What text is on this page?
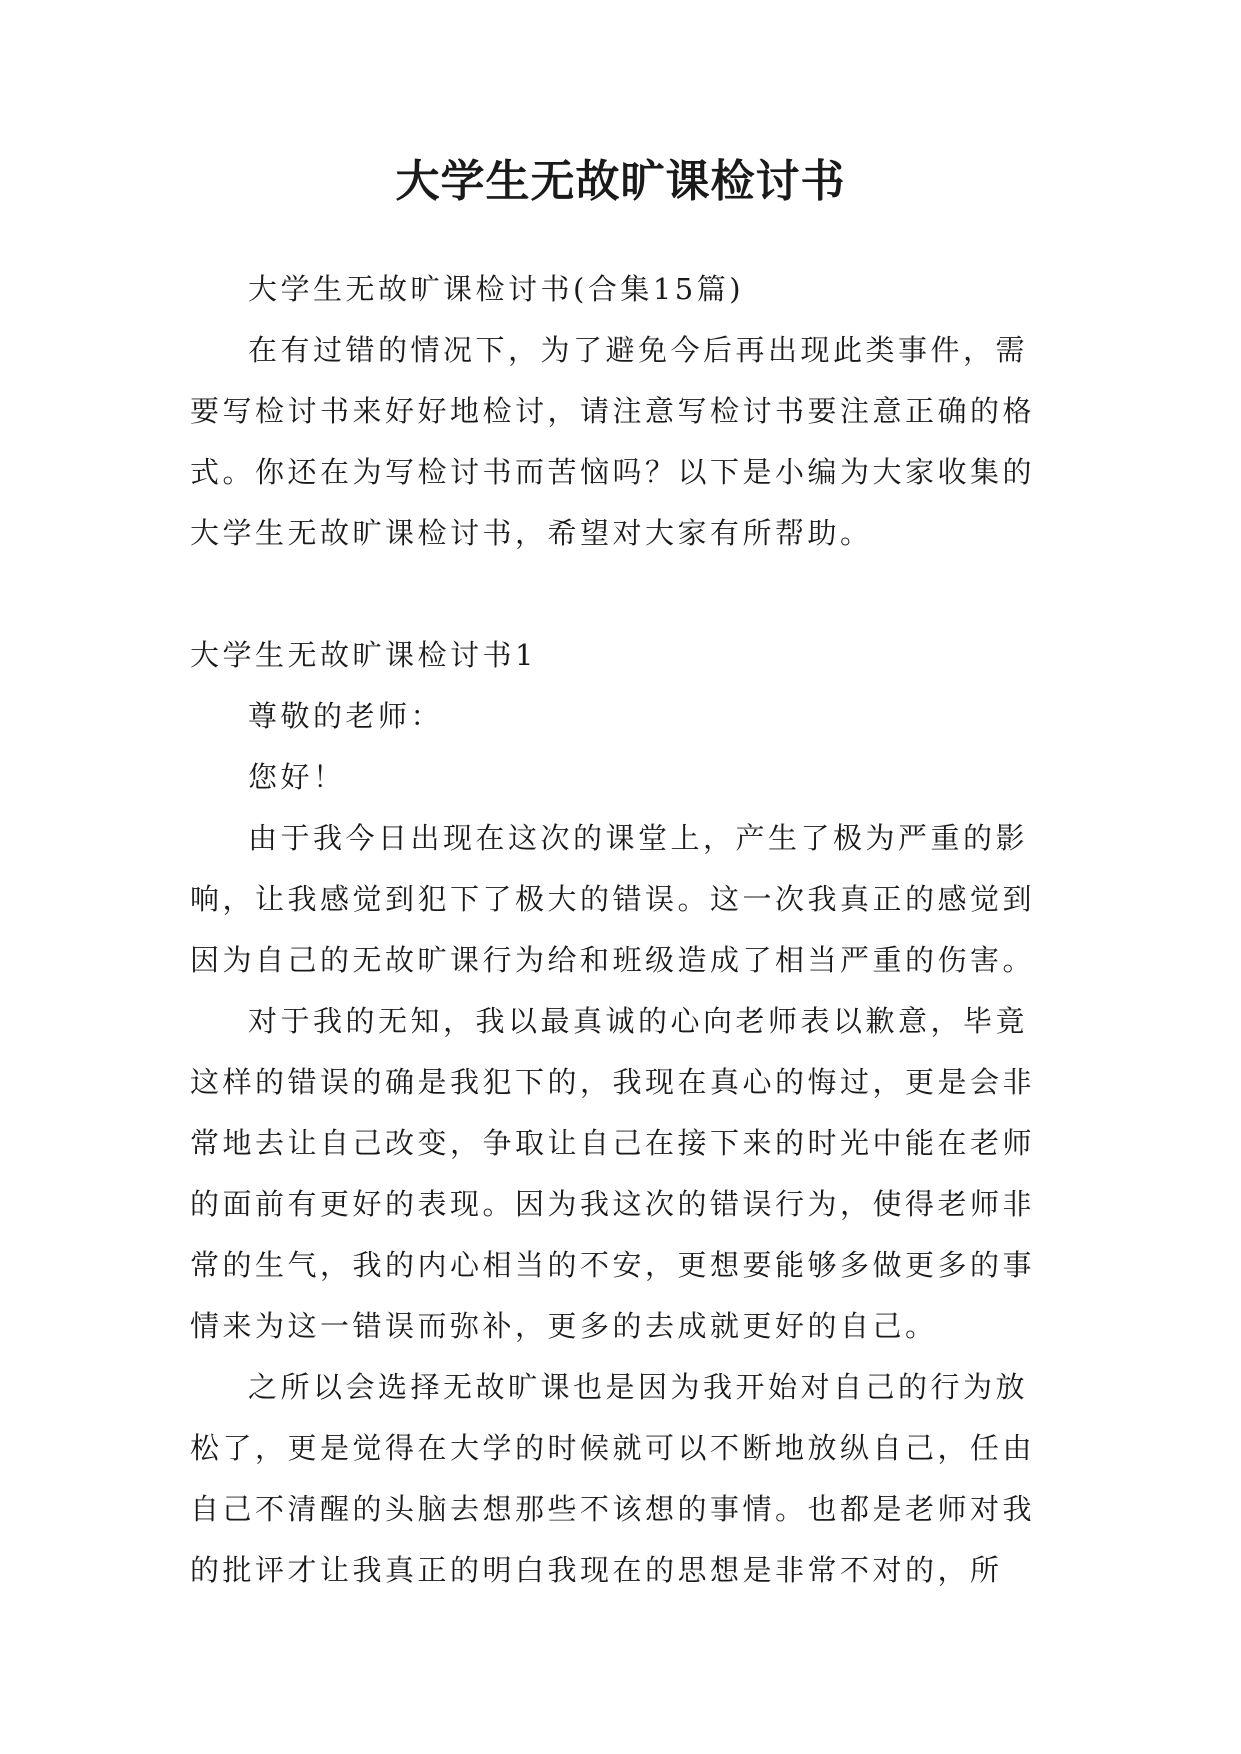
大学生无故旷课检讨书

大学生无故旷课检讨书(合集15篇)

在有过错的情况下，为了避免今后再出现此类事件，需要写检讨书来好好地检讨，请注意写检讨书要注意正确的格式。你还在为写检讨书而苦恼吗？以下是小编为大家收集的大学生无故旷课检讨书，希望对大家有所帮助。

大学生无故旷课检讨书1

尊敬的老师：

您好！

由于我今日出现在这次的课堂上，产生了极为严重的影响，让我感觉到犯下了极大的错误。这一次我真正的感觉到因为自己的无故旷课行为给和班级造成了相当严重的伤害。

对于我的无知，我以最真诚的心向老师表以歉意，毕竟这样的错误的确是我犯下的，我现在真心的悔过，更是会非常地去让自己改变，争取让自己在接下来的时光中能在老师的面前有更好的表现。因为我这次的错误行为，使得老师非常的生气，我的内心相当的不安，更想要能够多做更多的事情来为这一错误而弥补，更多的去成就更好的自己。

之所以会选择无故旷课也是因为我开始对自己的行为放松了，更是觉得在大学的时候就可以不断地放纵自己，任由自己不清醒的头脑去想那些不该想的事情。也都是老师对我的批评才让我真正的明白我现在的思想是非常不对的，所
